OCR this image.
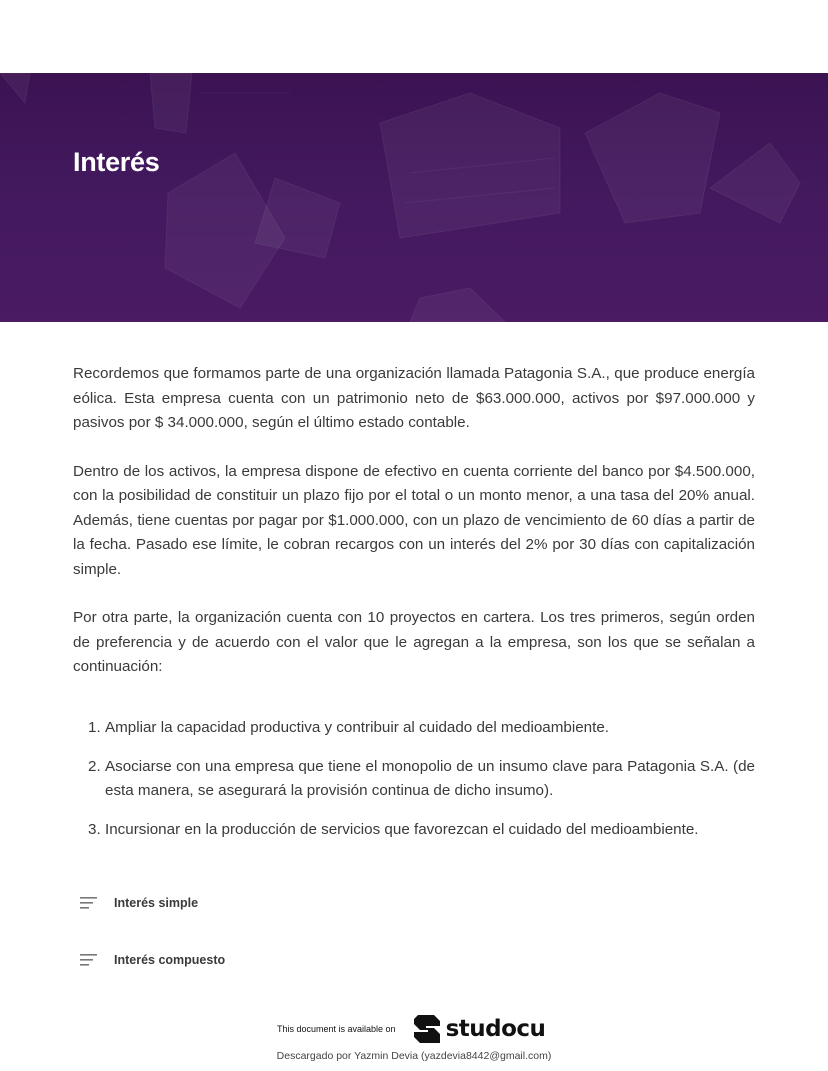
Interés

Recordemos que formamos parte de una organización llamada Patagonia S.A., que produce energía eólica. Esta empresa cuenta con un patrimonio neto de $63.000.000, activos por $97.000.000 y pasivos por $ 34.000.000, según el último estado contable.

Dentro de los activos, la empresa dispone de efectivo en cuenta corriente del banco por $4.500.000, con la posibilidad de constituir un plazo fijo por el total o un monto menor, a una tasa del 20% anual. Además, tiene cuentas por pagar por $1.000.000, con un plazo de vencimiento de 60 días a partir de la fecha. Pasado ese límite, le cobran recargos con un interés del 2% por 30 días con capitalización simple.

Por otra parte, la organización cuenta con 10 proyectos en cartera. Los tres primeros, según orden de preferencia y de acuerdo con el valor que le agregan a la empresa, son los que se señalan a continuación:

1. Ampliar la capacidad productiva y contribuir al cuidado del medioambiente.
2. Asociarse con una empresa que tiene el monopolio de un insumo clave para Patagonia S.A. (de esta manera, se asegurará la provisión continua de dicho insumo).
3. Incursionar en la producción de servicios que favorezcan el cuidado del medioambiente.
Interés simple
Interés compuesto
This document is available on studocu
Descargado por Yazmin Devia (yazdevia8442@gmail.com)
